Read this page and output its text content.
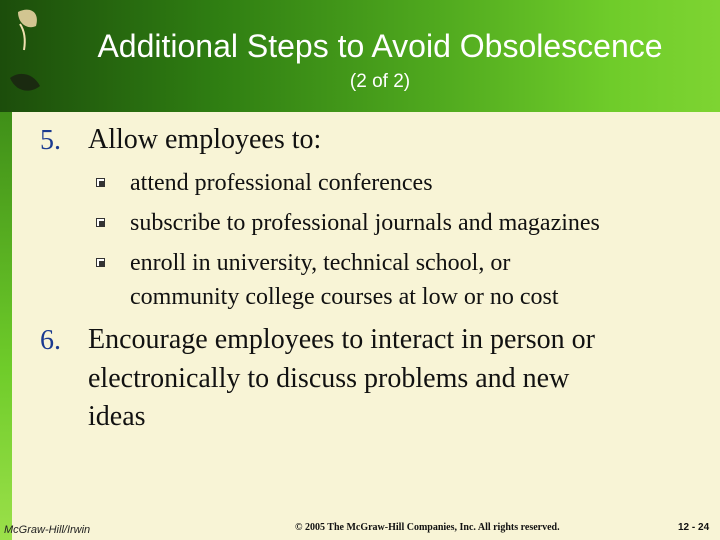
Additional Steps to Avoid Obsolescence
(2 of 2)
5. Allow employees to:
attend professional conferences
subscribe to professional journals and magazines
enroll in university, technical school, or
community college courses at low or no cost
6. Encourage employees to interact in person or
electronically to discuss problems and new
ideas
McGraw-Hill/Irwin	© 2005 The McGraw-Hill Companies, Inc. All rights reserved.	12 - 24
